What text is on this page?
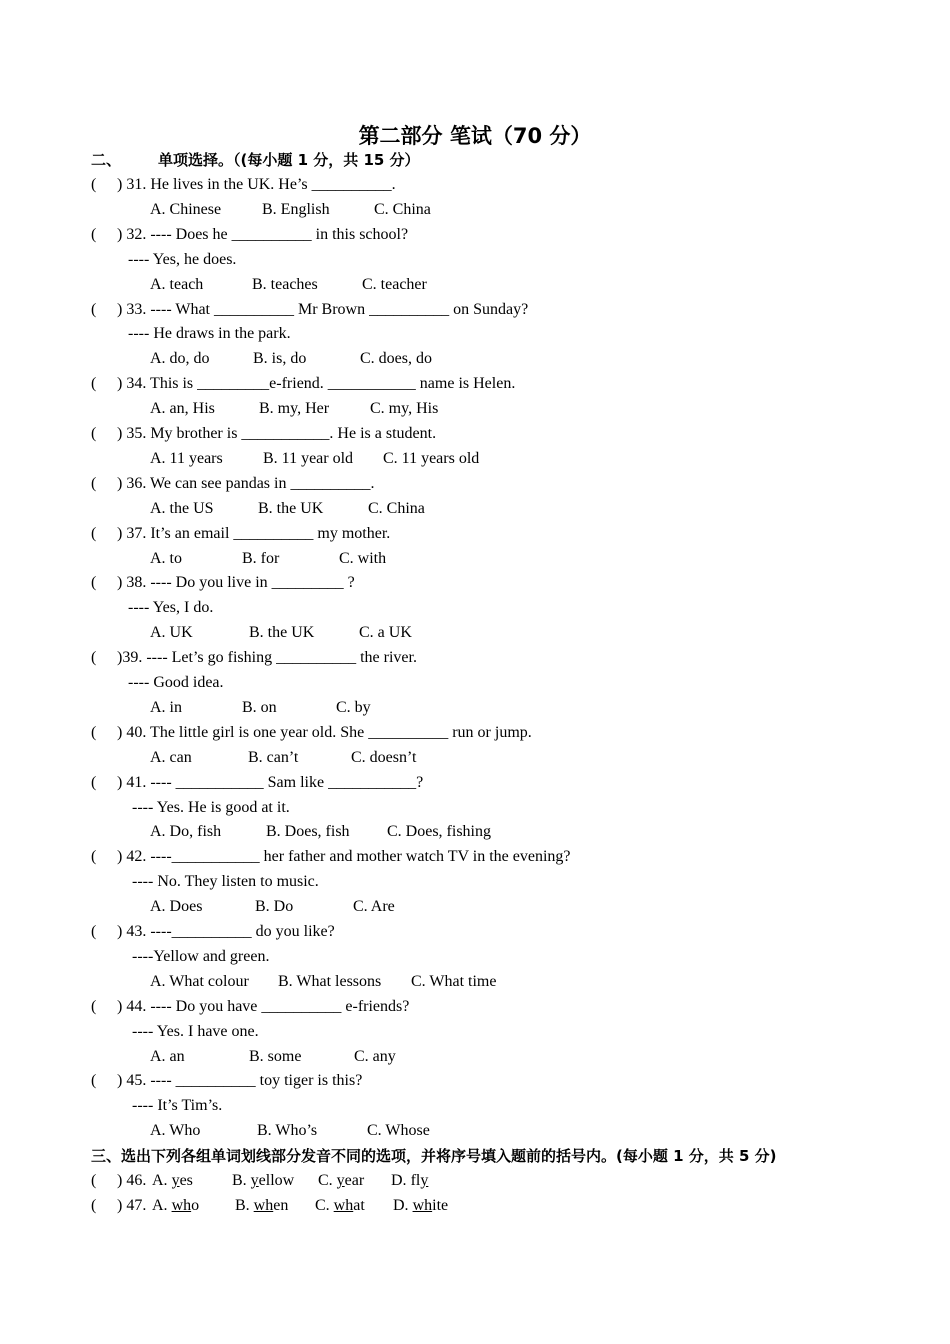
第二部分 笔试（70 分）
二、 单项选择。（(每小题 1 分，共 15 分）
( ) 31. He lives in the UK. He’s __________.
A. Chinese	B. English	C. China
( ) 32. ---- Does he __________ in this school?
---- Yes, he does.
A. teach	B. teaches	C. teacher
( ) 33. ---- What __________ Mr Brown __________ on Sunday?
---- He draws in the park.
A. do, do	B. is, do	C. does, do
( ) 34. This is _________e-friend. ___________ name is Helen.
A. an, His	B. my, Her	C. my, His
( ) 35. My brother is ___________. He is a student.
A. 11 years	B. 11 year old C. 11 years old
( ) 36. We can see pandas in __________.
A. the US	B. the UK	C. China
( ) 37. It’s an email __________ my mother.
A. to	B. for	C. with
( ) 38. ---- Do you live in _________ ?
---- Yes, I do.
A. UK	B. the UK	C. a UK
( )39. ---- Let’s go fishing __________ the river.
---- Good idea.
A. in	B. on	C. by
( ) 40. The little girl is one year old. She __________ run or jump.
A. can	B. can’t	C. doesn’t
( ) 41. ---- ___________ Sam like ___________?
---- Yes. He is good at it.
A. Do, fish	B. Does, fish C. Does, fishing
( ) 42. ----___________ her father and mother watch TV in the evening?
---- No. They listen to music.
A. Does	B. Do	C. Are
( ) 43. ----__________ do you like?
----Yellow and green.
A. What colour B. What lessons C. What time
( ) 44. ---- Do you have __________ e-friends?
---- Yes. I have one.
A. an	B. some	C. any
( ) 45. ---- __________ toy tiger is this?
---- It’s Tim’s.
A. Who	B. Who’s	C. Whose
三、选出下列各组单词划线部分发音不同的选项，并将序号填入题前的括号内。(每小题 1 分，共 5 分)
( ) 46. A. yes B. yellow C. year D. fly
( ) 47. A. who B. when C. what D. white
